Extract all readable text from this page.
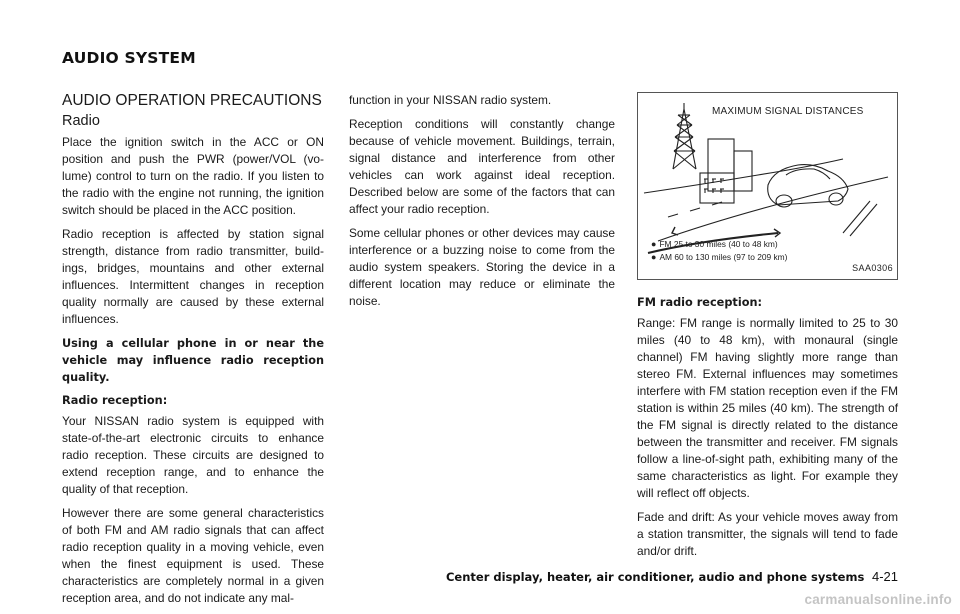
AUDIO SYSTEM
AUDIO OPERATION PRECAUTIONS
Radio

Place the ignition switch in the ACC or ON position and push the PWR (power/VOL (vo-lume) control to turn on the radio. If you listen to the radio with the engine not running, the ignition switch should be placed in the ACC position.

Radio reception is affected by station signal strength, distance from radio transmitter, build-ings, bridges, mountains and other external influences. Intermittent changes in reception quality normally are caused by these external influences.

Using a cellular phone in or near the vehicle may influence radio reception quality.

Radio reception:

Your NISSAN radio system is equipped with state-of-the-art electronic circuits to enhance radio reception. These circuits are designed to extend reception range, and to enhance the quality of that reception.

However there are some general characteristics of both FM and AM radio signals that can affect radio reception quality in a moving vehicle, even when the finest equipment is used. These characteristics are completely normal in a given reception area, and do not indicate any mal-

function in your NISSAN radio system.

Reception conditions will constantly change because of vehicle movement. Buildings, terrain, signal distance and interference from other vehicles can work against ideal reception. Described below are some of the factors that can affect your radio reception.

Some cellular phones or other devices may cause interference or a buzzing noise to come from the audio system speakers. Storing the device in a different location may reduce or eliminate the noise.

MAXIMUM SIGNAL DISTANCES
● FM 25 to 30 miles (40 to 48 km)
● AM 60 to 130 miles (97 to 209 km)
SAA0306

FM radio reception:

Range: FM range is normally limited to 25 to 30 miles (40 to 48 km), with monaural (single channel) FM having slightly more range than stereo FM. External influences may sometimes interfere with FM station reception even if the FM station is within 25 miles (40 km). The strength of the FM signal is directly related to the distance between the transmitter and receiver. FM signals follow a line-of-sight path, exhibiting many of the same characteristics as light. For example they will reflect off objects.

Fade and drift: As your vehicle moves away from a station transmitter, the signals will tend to fade and/or drift.

Center display, heater, air conditioner, audio and phone systems 4-21
carmanualsonline.info
